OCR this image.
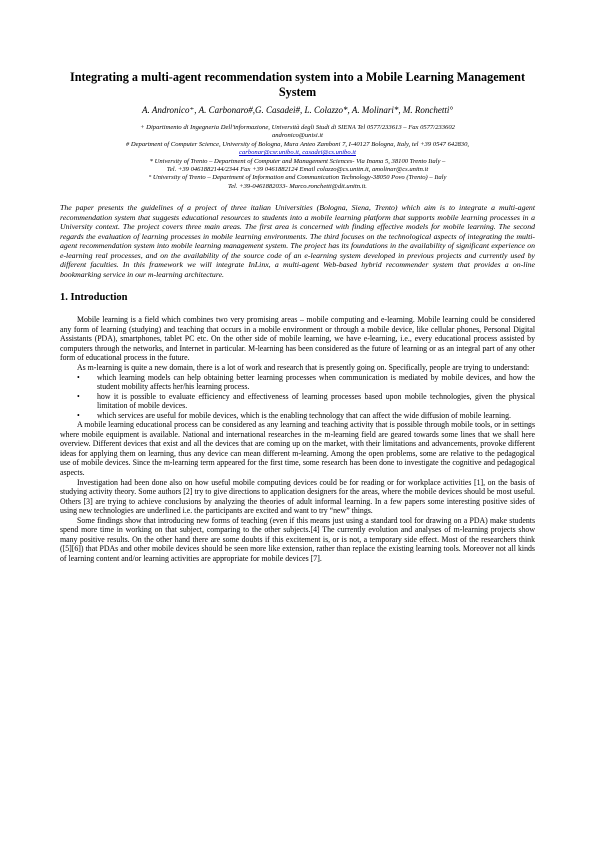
Integrating a multi-agent recommendation system into a Mobile Learning Management System
A. Andronico⁺, A. Carbonaro#,G. Casadei#, L. Colazzo*, A. Molinari*, M. Ronchetti°

+ Dipartimento di Ingegneria Dell'informazione, Università degli Studi di SIENA Tel 0577/233613 – Fax 0577/233602

andronico@unisi.it

# Department of Computer Science, University of Bologna, Mura Anteo Zamboni 7, I-40127 Bologna, Italy, tel +39 0547 642830,

carbonar@csr.unibo.it, casadei@cs.unibo.it

* University of Trento – Department of Computer and Management Sciences- Via Inama 5, 38100 Trento Italy –

Tel. +39 0461882144/2344 Fax +39 0461882124 Email colazzo@cs.unitn.it, amolinar@cs.unitn.it

° University of Trento – Department of Information and Communication Technology-38050 Povo (Trento) – Italy

Tel. +39-0461882033- Marco.ronchetti@dit.unitn.it.

The paper presents the guidelines of a project of three italian Universities (Bologna, Siena, Trento) which aim is to integrate a multi-agent recommendation system that suggests educational resources to students into a mobile learning platform that supports mobile learning processes in a University context. The project covers three main areas. The first area is concerned with finding effective models for mobile learning. The second regards the evaluation of learning processes in mobile learning environments. The third focuses on the technological aspects of integrating the multi-agent recommendation system into mobile learning management system. The project has its foundations in the availability of significant experience on e-learning real processes, and on the availability of the source code of an e-learning system developed in previous projects and currently used by different faculties. In this framework we will integrate InLinx, a multi-agent Web-based hybrid recommender system that provides a on-line bookmarking service in our m-learning architecture.

1. Introduction

Mobile learning is a field which combines two very promising areas – mobile computing and e-learning. Mobile learning could be considered any form of learning (studying) and teaching that occurs in a mobile environment or through a mobile device, like cellular phones, Personal Digital Assistants (PDA), smartphones, tablet PC etc. On the other side of mobile learning, we have e-learning, i.e., every educational process assisted by computers through the networks, and Internet in particular. M-learning has been considered as the future of learning or as an integral part of any other form of educational process in the future.

As m-learning is quite a new domain, there is a lot of work and research that is presently going on. Specifically, people are trying to understand:

• which learning models can help obtaining better learning processes when communication is mediated by mobile devices, and how the student mobility affects her/his learning process.
• how it is possible to evaluate efficiency and effectiveness of learning processes based upon mobile technologies, given the physical limitation of mobile devices.
• which services are useful for mobile devices, which is the enabling technology that can affect the wide diffusion of mobile learning.

A mobile learning educational process can be considered as any learning and teaching activity that is possible through mobile tools, or in settings where mobile equipment is available. National and international researches in the m-learning field are geared towards some lines that we shall here overview. Different devices that exist and all the devices that are coming up on the market, with their limitations and advancements, provoke different ideas for applying them on learning, thus any device can mean different m-learning. Among the open problems, some are relative to the pedagogical use of mobile devices. Since the m-learning term appeared for the first time, some research has been done to investigate the cognitive and pedagogical aspects.

Investigation had been done also on how useful mobile computing devices could be for reading or for workplace activities [1], on the basis of studying activity theory. Some authors [2] try to give directions to application designers for the areas, where the mobile devices should be most useful. Others [3] are trying to achieve conclusions by analyzing the theories of adult informal learning. In a few papers some interesting positive sides of using new technologies are underlined i.e. the participants are excited and want to try “new” things.

Some findings show that introducing new forms of teaching (even if this means just using a standard tool for drawing on a PDA) make students spend more time in working on that subject, comparing to the other subjects.[4] The currently evolution and analyses of m-learning projects show many positive results. On the other hand there are some doubts if this excitement is, or is not, a temporary side effect. Most of the researchers think ([5][6]) that PDAs and other mobile devices should be seen more like extension, rather than replace the existing learning tools. Moreover not all kinds of learning content and/or learning activities are appropriate for mobile devices [7].
